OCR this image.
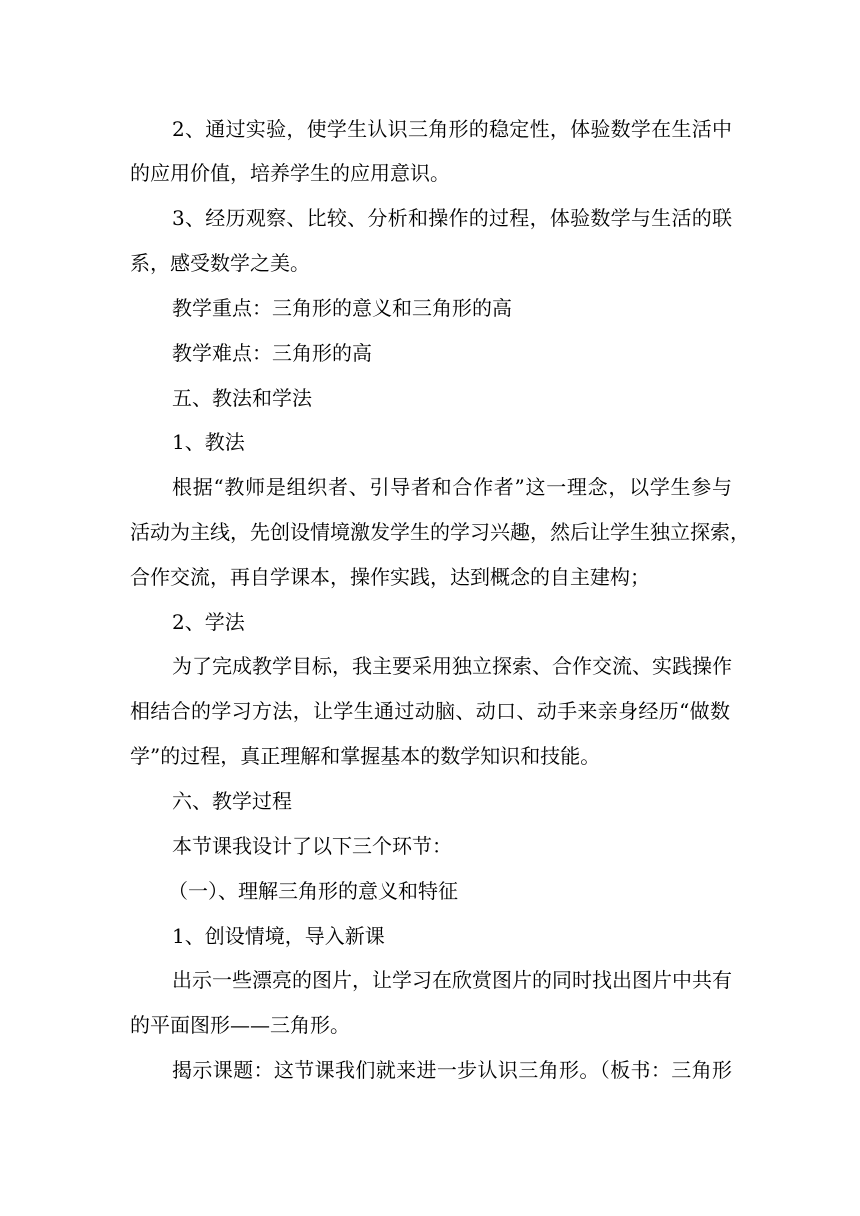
2、通过实验，使学生认识三角形的稳定性，体验数学在生活中
的应用价值，培养学生的应用意识。
3、经历观察、比较、分析和操作的过程，体验数学与生活的联
系，感受数学之美。
教学重点：三角形的意义和三角形的高
教学难点：三角形的高
五、教法和学法
1、教法
根据“教师是组织者、引导者和合作者”这一理念，以学生参与
活动为主线，先创设情境激发学生的学习兴趣，然后让学生独立探索，
合作交流，再自学课本，操作实践，达到概念的自主建构；
2、学法
为了完成教学目标，我主要采用独立探索、合作交流、实践操作
相结合的学习方法，让学生通过动脑、动口、动手来亲身经历“做数
学”的过程，真正理解和掌握基本的数学知识和技能。
六、教学过程
本节课我设计了以下三个环节：
（一）、理解三角形的意义和特征
1、创设情境，导入新课
出示一些漂亮的图片，让学习在欣赏图片的同时找出图片中共有
的平面图形——三角形。
揭示课题：这节课我们就来进一步认识三角形。（板书：三角形
